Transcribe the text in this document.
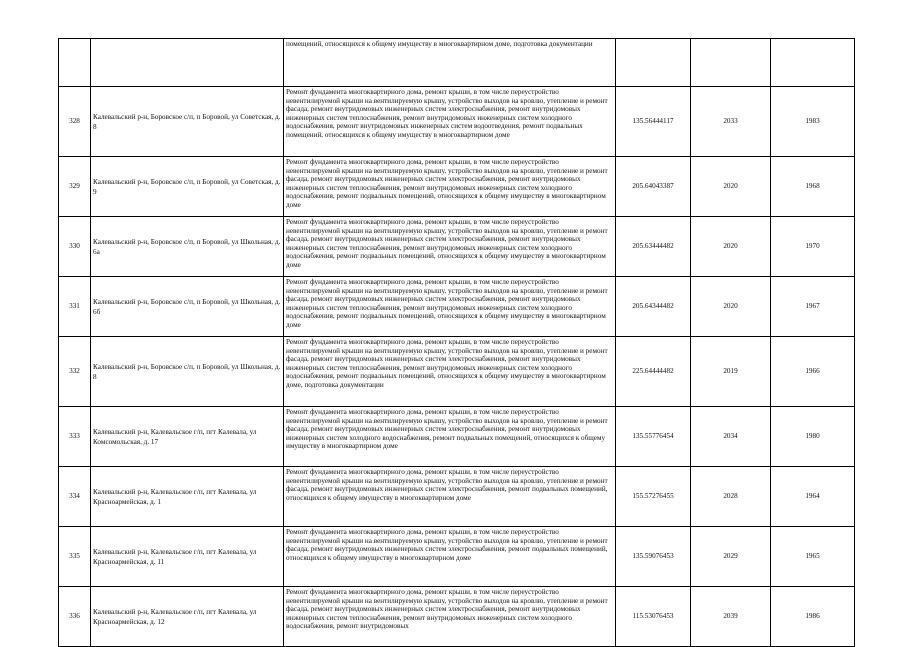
		помещений, относящихся к общему имуществу в многоквартирном доме, подготовка документации			
328	Калевальский р-н, Боровское с/п, п Боровой, ул Советская, д. 8	Ремонт фундамента многоквартирного дома, ремонт крыши, в том числе переустройство невентилируемой крыши на вентилируемую крышу, устройство выходов на кровлю, утепление и ремонт фасада, ремонт внутридомовых инженерных систем электроснабжения, ремонт внутридомовых инженерных систем теплоснабжения, ремонт внутридомовых инженерных систем холодного водоснабжения, ремонт внутридомовых инженерных систем водоотведения, ремонт подвальных помещений, относящихся к общему имуществу в многоквартирном доме	135.56444117	2033	1983
329	Калевальский р-н, Боровское с/п, п Боровой, ул Советская, д. 9	Ремонт фундамента многоквартирного дома, ремонт крыши, в том числе переустройство невентилируемой крыши на вентилируемую крышу, устройство выходов на кровлю, утепление и ремонт фасада, ремонт внутридомовых инженерных систем электроснабжения, ремонт внутридомовых инженерных систем теплоснабжения, ремонт внутридомовых инженерных систем холодного водоснабжения, ремонт подвальных помещений, относящихся к общему имуществу в многоквартирном доме	205.64043387	2020	1968
330	Калевальский р-н, Боровское с/п, п Боровой, ул Школьная, д. 6а	Ремонт фундамента многоквартирного дома, ремонт крыши, в том числе переустройство невентилируемой крыши на вентилируемую крышу, устройство выходов на кровлю, утепление и ремонт фасада, ремонт внутридомовых инженерных систем электроснабжения, ремонт внутридомовых инженерных систем теплоснабжения, ремонт внутридомовых инженерных систем холодного водоснабжения, ремонт подвальных помещений, относящихся к общему имуществу в многоквартирном доме	205.63444482	2020	1970
331	Калевальский р-н, Боровское с/п, п Боровой, ул Школьная, д. 6б	Ремонт фундамента многоквартирного дома, ремонт крыши, в том числе переустройство невентилируемой крыши на вентилируемую крышу, устройство выходов на кровлю, утепление и ремонт фасада, ремонт внутридомовых инженерных систем электроснабжения, ремонт внутридомовых инженерных систем теплоснабжения, ремонт внутридомовых инженерных систем холодного водоснабжения, ремонт подвальных помещений, относящихся к общему имуществу в многоквартирном доме	205.64344482	2020	1967
332	Калевальский р-н, Боровское с/п, п Боровой, ул Школьная, д. 8	Ремонт фундамента многоквартирного дома, ремонт крыши, в том числе переустройство невентилируемой крыши на вентилируемую крышу, устройство выходов на кровлю, утепление и ремонт фасада, ремонт внутридомовых инженерных систем электроснабжения, ремонт внутридомовых инженерных систем теплоснабжения, ремонт внутридомовых инженерных систем холодного водоснабжения, ремонт подвальных помещений, относящихся к общему имуществу в многоквартирном доме, подготовка документации	225.64444482	2019	1966
333	Калевальский р-н, Калевальское г/п, пгт Калевала, ул Комсомольская, д. 17	Ремонт фундамента многоквартирного дома, ремонт крыши, в том числе переустройство невентилируемой крыши на вентилируемую крышу, устройство выходов на кровлю, утепление и ремонт фасада, ремонт внутридомовых инженерных систем электроснабжения, ремонт внутридомовых инженерных систем холодного водоснабжения, ремонт подвальных помещений, относящихся к общему имуществу в многоквартирном доме	135.55776454	2034	1980
334	Калевальский р-н, Калевальское г/п, пгт Калевала, ул Красноармейская, д. 1	Ремонт фундамента многоквартирного дома, ремонт крыши, в том числе переустройство невентилируемой крыши на вентилируемую крышу, устройство выходов на кровлю, утепление и ремонт фасада, ремонт внутридомовых инженерных систем электроснабжения, ремонт подвальных помещений, относящихся к общему имуществу в многоквартирном доме	155.57276455	2028	1964
335	Калевальский р-н, Калевальское г/п, пгт Калевала, ул Красноармейская, д. 11	Ремонт фундамента многоквартирного дома, ремонт крыши, в том числе переустройство невентилируемой крыши на вентилируемую крышу, устройство выходов на кровлю, утепление и ремонт фасада, ремонт внутридомовых инженерных систем электроснабжения, ремонт подвальных помещений, относящихся к общему имуществу в многоквартирном доме	135.59076453	2029	1965
336	Калевальский р-н, Калевальское г/п, пгт Калевала, ул Красноармейская, д. 12	Ремонт фундамента многоквартирного дома, ремонт крыши, в том числе переустройство невентилируемой крыши на вентилируемую крышу, устройство выходов на кровлю, утепление и ремонт фасада, ремонт внутридомовых инженерных систем электроснабжения, ремонт внутридомовых инженерных систем теплоснабжения, ремонт внутридомовых инженерных систем холодного водоснабжения, ремонт внутридомовых	115.53076453	2039	1986
